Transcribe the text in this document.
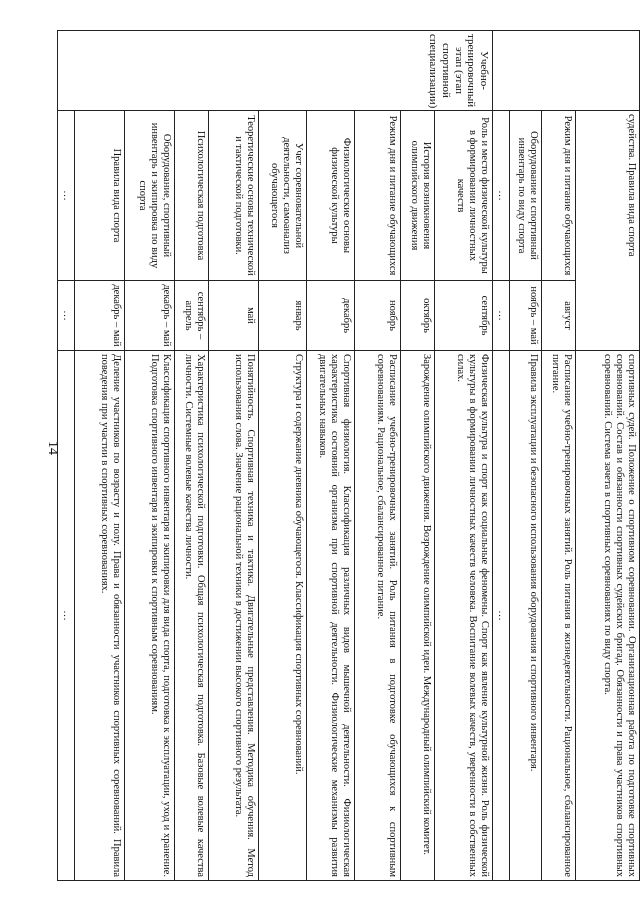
14
	судейства. Правила вида спорта		спортивных судей. Положение о спортивном соревновании. Организационная работа по подготовке спортивных соревнований. Состав и обязанности спортивных судейских бригад. Обязанности и права участников спортивных соревнований. Система зачета в спортивных соревнованиях по виду спорта.
	Режим дня и питание обучающихся	август	Расписание учебно-тренировочных занятий. Роль питания в жизнедеятельности. Рациональное, сбалансированное питание.
	Оборудование и спортивный инвентарь по виду спорта	ноябрь – май	Правила эксплуатации и безопасного использования оборудования и спортивного инвентаря.
	…	…	…
Учебно-тренировочный этап (этап спортивной специализации)	Роль и место физической культуры в формировании личностных качеств	сентябрь	Физическая культура и спорт как социальные феномены. Спорт как явление культурной жизни. Роль физической культуры в формировании личностных качеств человека. Воспитание волевых качеств, уверенности в собственных силах.
	История возникновения олимпийского движения	октябрь	Зарождение олимпийского движения. Возрождение олимпийской идеи. Международный олимпийский комитет.
	Режим дня и питание обучающихся	ноябрь	Расписание учебно-тренировочных занятий. Роль питания в подготовке обучающихся к спортивным соревнованиям. Рациональное, сбалансированное питание.
	Физиологические основы физической культуры	декабрь	Спортивная физиология. Классификация различных видов мышечной деятельности. Физиологическая характеристика состояний организма при спортивной деятельности. Физиологические механизмы развития двигательных навыков.
	Учет соревновательной деятельности, самоанализ обучающегося	январь	Структура и содержание дневника обучающегося. Классификация спортивных соревнований.
	Теоретические основы технической и тактической подготовки.	май	Понятийность. Спортивная техника и тактика. Двигательные представления. Методика обучения. Метод использования слова. Значение рациональной техники в достижении высокого спортивного результата.
	Психологическая подготовка	сентябрь – апрель	Характеристика психологической подготовки. Общая психологическая подготовка. Базовые волевые качества личности. Системные волевые качества личности.
	Оборудование, спортивный инвентарь и экипировка по виду спорта	декабрь – май	Классификация спортивного инвентаря и экипировки для вида спорта, подготовка к эксплуатации, уход и хранение. Подготовка спортивного инвентаря и экипировки к спортивным соревнованиям.
	Правила вида спорта	декабрь – май	Деление участников по возрасту и полу. Права и обязанности участников спортивных соревнований. Правила поведения при участии в спортивных соревнованиях.
	…	…	…
